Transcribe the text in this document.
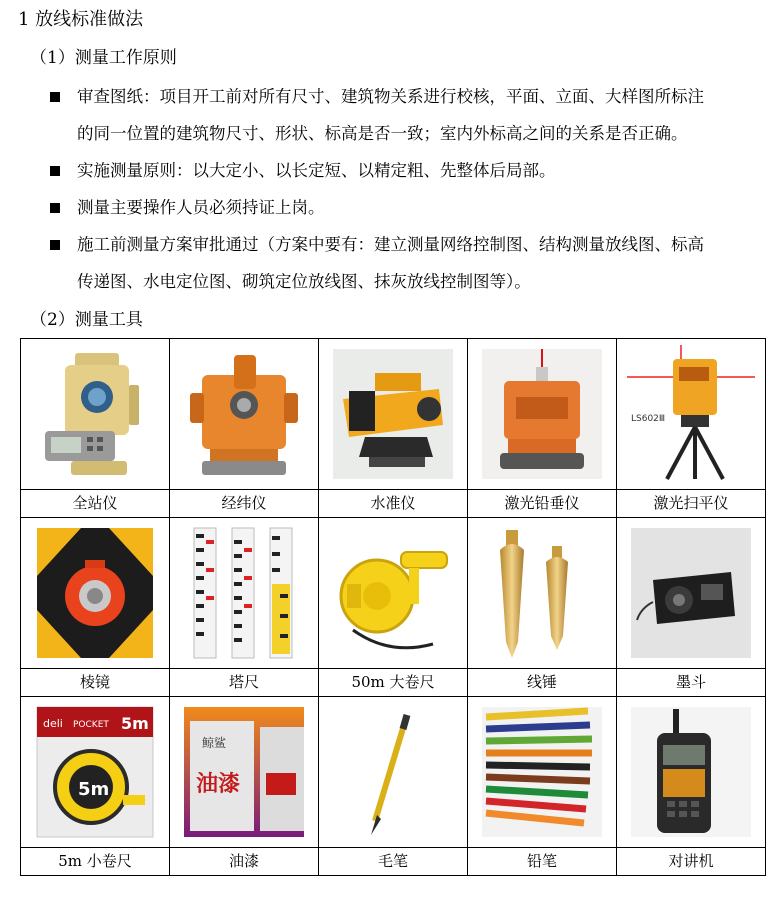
1 放线标准做法
（1）测量工作原则
审查图纸：项目开工前对所有尺寸、建筑物关系进行校核，平面、立面、大样图所标注
的同一位置的建筑物尺寸、形状、标高是否一致；室内外标高之间的关系是否正确。
实施测量原则：以大定小、以长定短、以精定粗、先整体后局部。
测量主要操作人员必须持证上岗。
施工前测量方案审批通过（方案中要有：建立测量网络控制图、结构测量放线图、标高
传递图、水电定位图、砌筑定位放线图、抹灰放线控制图等）。
（2）测量工具

LS602Ⅲ

全站仪	经纬仪	水准仪	激光铅垂仪	激光扫平仪

棱镜	塔尺	50m 大卷尺	线锤	墨斗

deli POCKET 5m
5m	鲸鲨
油漆

5m 小卷尺	油漆	毛笔	铅笔	对讲机
